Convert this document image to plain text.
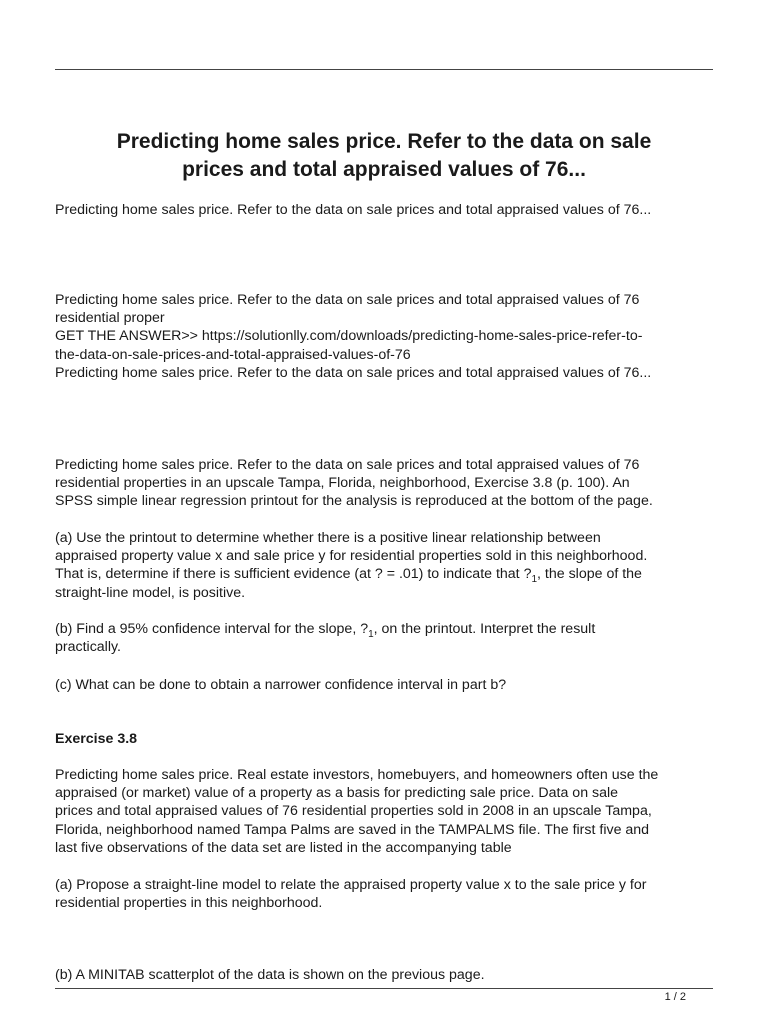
Predicting home sales price. Refer to the data on sale
prices and total appraised values of 76...

Predicting home sales price. Refer to the data on sale prices and total appraised values of 76...

Predicting home sales price. Refer to the data on sale prices and total appraised values of 76
residential proper
GET THE ANSWER>> https://solutionlly.com/downloads/predicting-home-sales-price-refer-to-
the-data-on-sale-prices-and-total-appraised-values-of-76
Predicting home sales price. Refer to the data on sale prices and total appraised values of 76...

Predicting home sales price. Refer to the data on sale prices and total appraised values of 76
residential properties in an upscale Tampa, Florida, neighborhood, Exercise 3.8 (p. 100). An
SPSS simple linear regression printout for the analysis is reproduced at the bottom of the page.

(a) Use the printout to determine whether there is a positive linear relationship between
appraised property value x and sale price y for residential properties sold in this neighborhood.
That is, determine if there is sufficient evidence (at ? = .01) to indicate that $?_1$, the slope of the
straight-line model, is positive.

(b) Find a 95% confidence interval for the slope, $?_1$, on the printout. Interpret the result
practically.

(c) What can be done to obtain a narrower confidence interval in part b?

Exercise 3.8

Predicting home sales price. Real estate investors, homebuyers, and homeowners often use the
appraised (or market) value of a property as a basis for predicting sale price. Data on sale
prices and total appraised values of 76 residential properties sold in 2008 in an upscale Tampa,
Florida, neighborhood named Tampa Palms are saved in the TAMPALMS file. The first five and
last five observations of the data set are listed in the accompanying table

(a) Propose a straight-line model to relate the appraised property value x to the sale price y for
residential properties in this neighborhood.

(b) A MINITAB scatterplot of the data is shown on the previous page.

1 / 2
